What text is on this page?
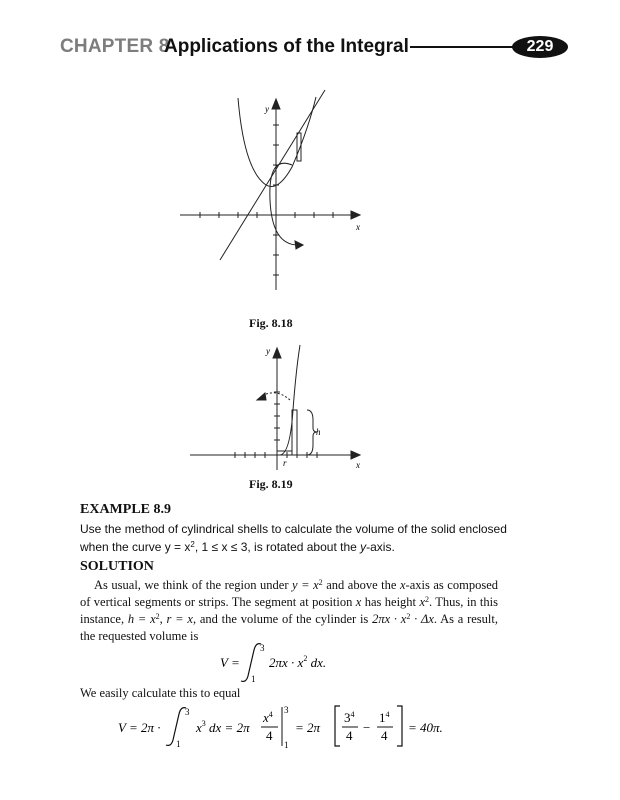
CHAPTER 8
Applications of the Integral	229
y
x
Fig. 8.18
y
h
r	x
Fig. 8.19
EXAMPLE 8.9
Use the method of cylindrical shells to calculate the volume of the solid enclosed when the curve $y = x^2$, 1 ≤ x ≤ 3, is rotated about the y-axis.
SOLUTION
As usual, we think of the region under $y = x^2$ and above the x-axis as composed of vertical segments or strips. The segment at position x has height $x^2$. Thus, in this instance, $h = x^2$, r = x, and the volume of the cylinder is $2\pi x \cdot x^2 \cdot \Delta x$. As a result, the requested volume is
V =
3
1
$2\pi x \cdot x^2$ dx.
We easily calculate this to equal
V = 2π ·
3
1
$x^3$ dx = 2π
$x^4$
4
3
1
= 2π
$3^4$
4
−
$1^4$
4
= 40π.
